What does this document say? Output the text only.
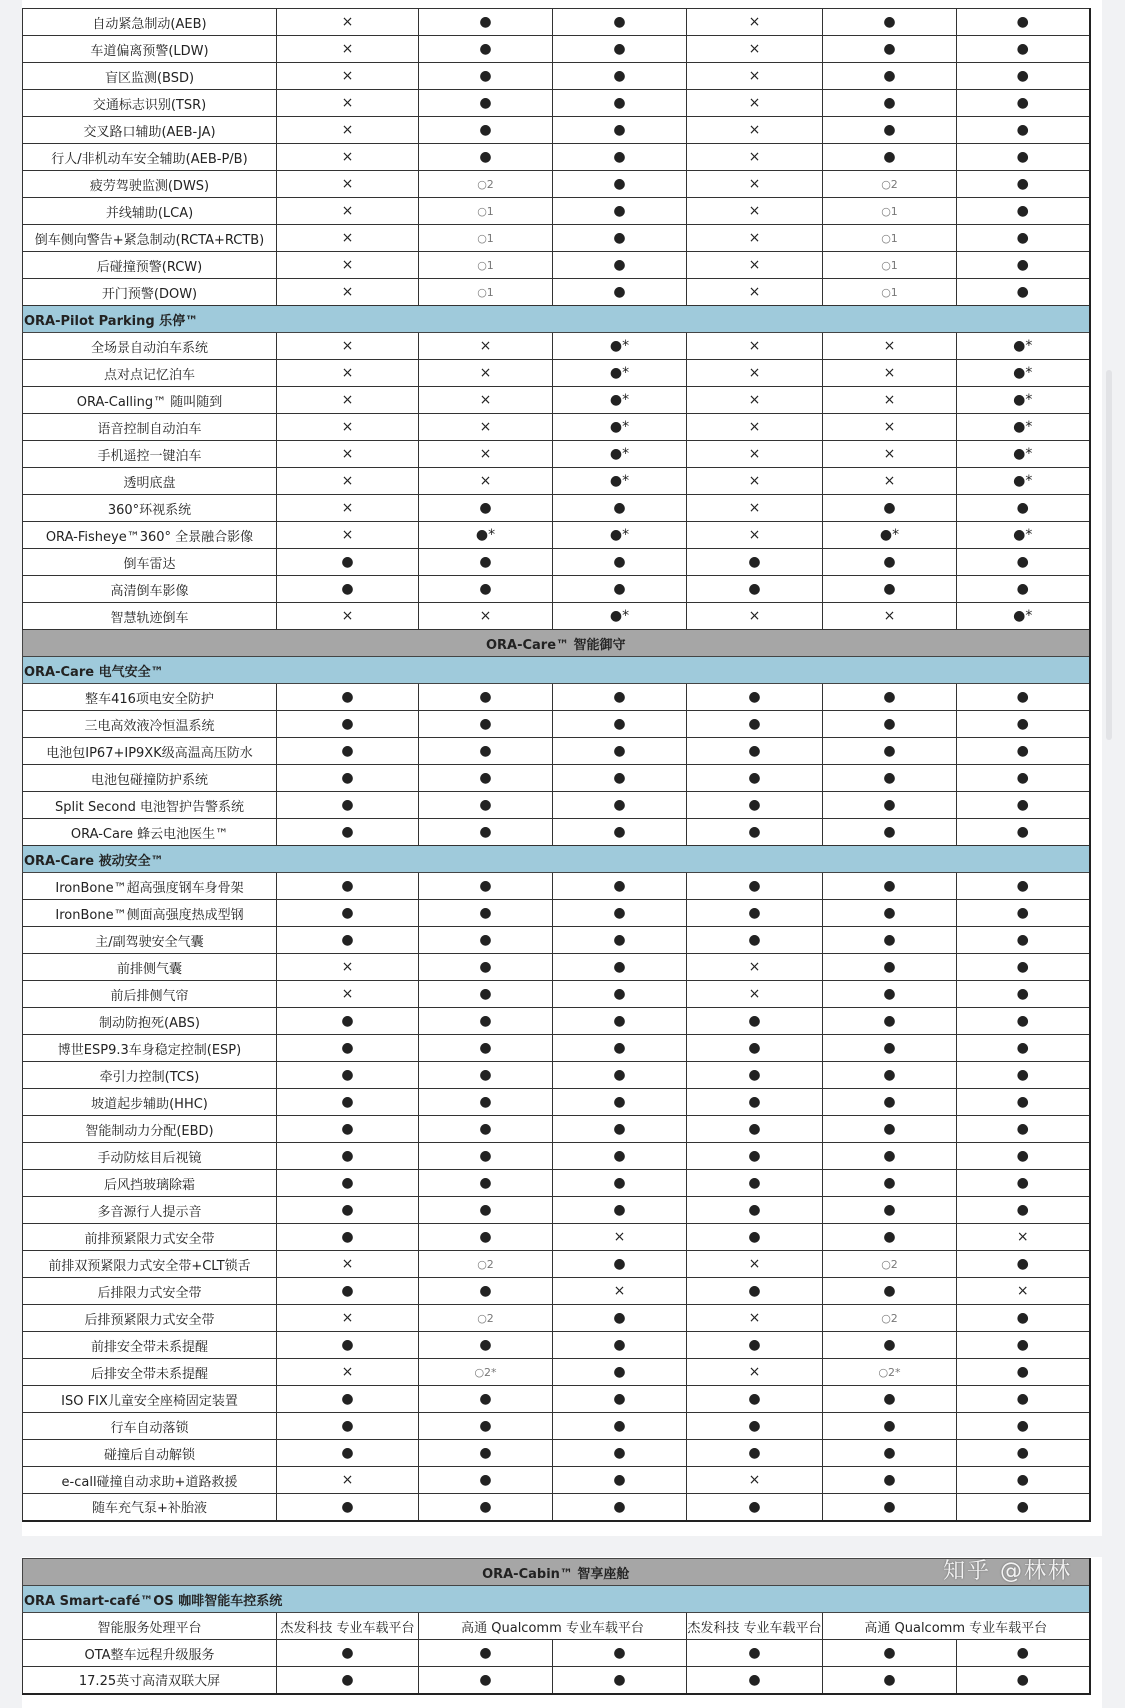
自动紧急制动(AEB)	×	●	●	×	●	●
车道偏离预警(LDW)	×	●	●	×	●	●
盲区监测(BSD)	×	●	●	×	●	●
交通标志识别(TSR)	×	●	●	×	●	●
交叉路口辅助(AEB-JA)	×	●	●	×	●	●
行人/非机动车安全辅助(AEB-P/B)	×	●	●	×	●	●
疲劳驾驶监测(DWS)	×	○2	●	×	○2	●
并线辅助(LCA)	×	○1	●	×	○1	●
倒车侧向警告+紧急制动(RCTA+RCTB)	×	○1	●	×	○1	●
后碰撞预警(RCW)	×	○1	●	×	○1	●
开门预警(DOW)	×	○1	●	×	○1	●
ORA-Pilot Parking 乐停™						
全场景自动泊车系统	×	×	●*	×	×	●*
点对点记忆泊车	×	×	●*	×	×	●*
ORA-Calling™ 随叫随到	×	×	●*	×	×	●*
语音控制自动泊车	×	×	●*	×	×	●*
手机遥控一键泊车	×	×	●*	×	×	●*
透明底盘	×	×	●*	×	×	●*
360°环视系统	×	●	●	×	●	●
ORA-Fisheye™360° 全景融合影像	×	●*	●*	×	●*	●*
倒车雷达	●	●	●	●	●	●
高清倒车影像	●	●	●	●	●	●
智慧轨迹倒车	×	×	●*	×	×	●*
ORA-Care™ 智能御守						
ORA-Care 电气安全™						
整车416项电安全防护	●	●	●	●	●	●
三电高效液冷恒温系统	●	●	●	●	●	●
电池包IP67+IP9XK级高温高压防水	●	●	●	●	●	●
电池包碰撞防护系统	●	●	●	●	●	●
Split Second 电池智护告警系统	●	●	●	●	●	●
ORA-Care 蜂云电池医生™	●	●	●	●	●	●
ORA-Care 被动安全™						
IronBone™超高强度钢车身骨架	●	●	●	●	●	●
IronBone™侧面高强度热成型钢	●	●	●	●	●	●
主/副驾驶安全气囊	●	●	●	●	●	●
前排侧气囊	×	●	●	×	●	●
前后排侧气帘	×	●	●	×	●	●
制动防抱死(ABS)	●	●	●	●	●	●
博世ESP9.3车身稳定控制(ESP)	●	●	●	●	●	●
牵引力控制(TCS)	●	●	●	●	●	●
坡道起步辅助(HHC)	●	●	●	●	●	●
智能制动力分配(EBD)	●	●	●	●	●	●
手动防炫目后视镜	●	●	●	●	●	●
后风挡玻璃除霜	●	●	●	●	●	●
多音源行人提示音	●	●	●	●	●	●
前排预紧限力式安全带	●	●	×	●	●	×
前排双预紧限力式安全带+CLT锁舌	×	○2	●	×	○2	●
后排限力式安全带	●	●	×	●	●	×
后排预紧限力式安全带	×	○2	●	×	○2	●
前排安全带未系提醒	●	●	●	●	●	●
后排安全带未系提醒	×	○2*	●	×	○2*	●
ISO FIX儿童安全座椅固定装置	●	●	●	●	●	●
行车自动落锁	●	●	●	●	●	●
碰撞后自动解锁	●	●	●	●	●	●
e-call碰撞自动求助+道路救援	×	●	●	×	●	●
随车充气泵+补胎液	●	●	●	●	●	●
ORA-Cabin™ 智享座舱						
ORA Smart-café™OS 咖啡智能车控系统						
智能服务处理平台	杰发科技 专业车载平台	高通 Qualcomm 专业车载平台		杰发科技 专业车载平台	高通 Qualcomm 专业车载平台	
OTA整车远程升级服务	●	●	●	●	●	●
17.25英寸高清双联大屏	●	●	●	●	●	●
知乎 @林林
